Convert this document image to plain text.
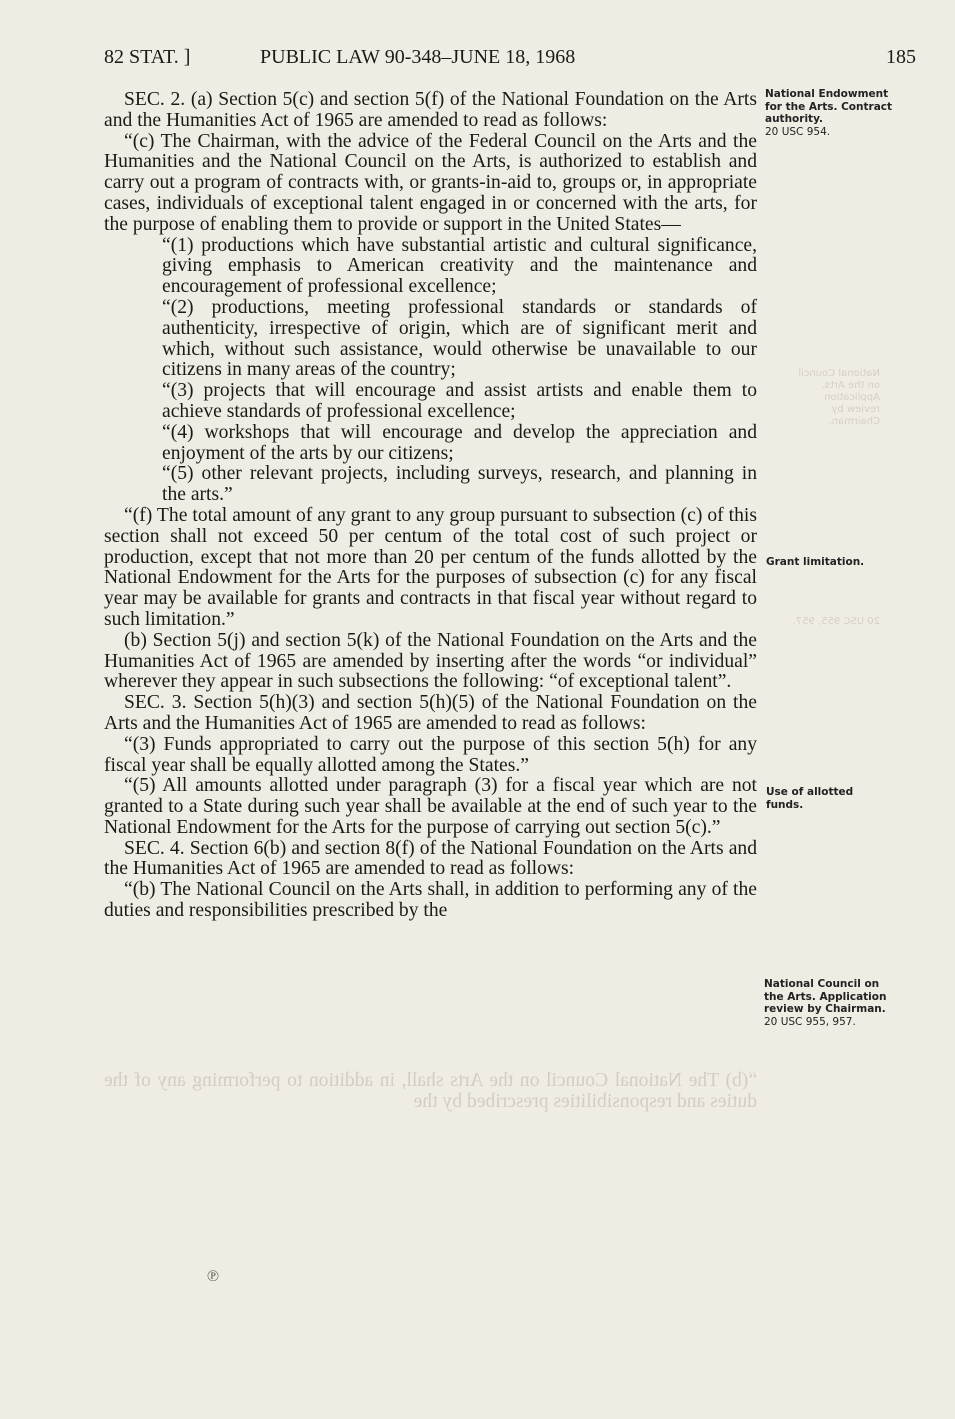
82 STAT. ]	PUBLIC LAW 90-348–JUNE 18, 1968	185
“(b) The National Council on the Arts shall, in addition to performing any of the duties and responsibilities prescribed by the

SEC. 2. (a) Section 5(c) and section 5(f) of the National Foundation on the Arts and the Humanities Act of 1965 are amended to read as follows:

“(c) The Chairman, with the advice of the Federal Council on the Arts and the Humanities and the National Council on the Arts, is authorized to establish and carry out a program of contracts with, or grants-in-aid to, groups or, in appropriate cases, individuals of exceptional talent engaged in or concerned with the arts, for the purpose of enabling them to provide or support in the United States—

“(1) productions which have substantial artistic and cultural significance, giving emphasis to American creativity and the maintenance and encouragement of professional excellence;

“(2) productions, meeting professional standards or standards of authenticity, irrespective of origin, which are of significant merit and which, without such assistance, would otherwise be unavailable to our citizens in many areas of the country;

“(3) projects that will encourage and assist artists and enable them to achieve standards of professional excellence;

“(4) workshops that will encourage and develop the appreciation and enjoyment of the arts by our citizens;

“(5) other relevant projects, including surveys, research, and planning in the arts.”

“(f) The total amount of any grant to any group pursuant to subsection (c) of this section shall not exceed 50 per centum of the total cost of such project or production, except that not more than 20 per centum of the funds allotted by the National Endowment for the Arts for the purposes of subsection (c) for any fiscal year may be available for grants and contracts in that fiscal year without regard to such limitation.”

(b) Section 5(j) and section 5(k) of the National Foundation on the Arts and the Humanities Act of 1965 are amended by inserting after the words “or individual” wherever they appear in such subsections the following: “of exceptional talent”.

SEC. 3. Section 5(h)(3) and section 5(h)(5) of the National Foundation on the Arts and the Humanities Act of 1965 are amended to read as follows:

“(3) Funds appropriated to carry out the purpose of this section 5(h) for any fiscal year shall be equally allotted among the States.”

“(5) All amounts allotted under paragraph (3) for a fiscal year which are not granted to a State during such year shall be available at the end of such year to the National Endowment for the Arts for the purpose of carrying out section 5(c).”

SEC. 4. Section 6(b) and section 8(f) of the National Foundation on the Arts and the Humanities Act of 1965 are amended to read as follows:

“(b) The National Council on the Arts shall, in addition to performing any of the duties and responsibilities prescribed by the

National Endowment for the Arts. Contract authority.
20 USC 954.
Grant limitation.
Use of allotted funds.
National Council on the Arts. Application review by Chairman.
20 USC 955, 957.
National Council on the Arts. Application review by Chairman.
20 USC 955, 957.
℗
